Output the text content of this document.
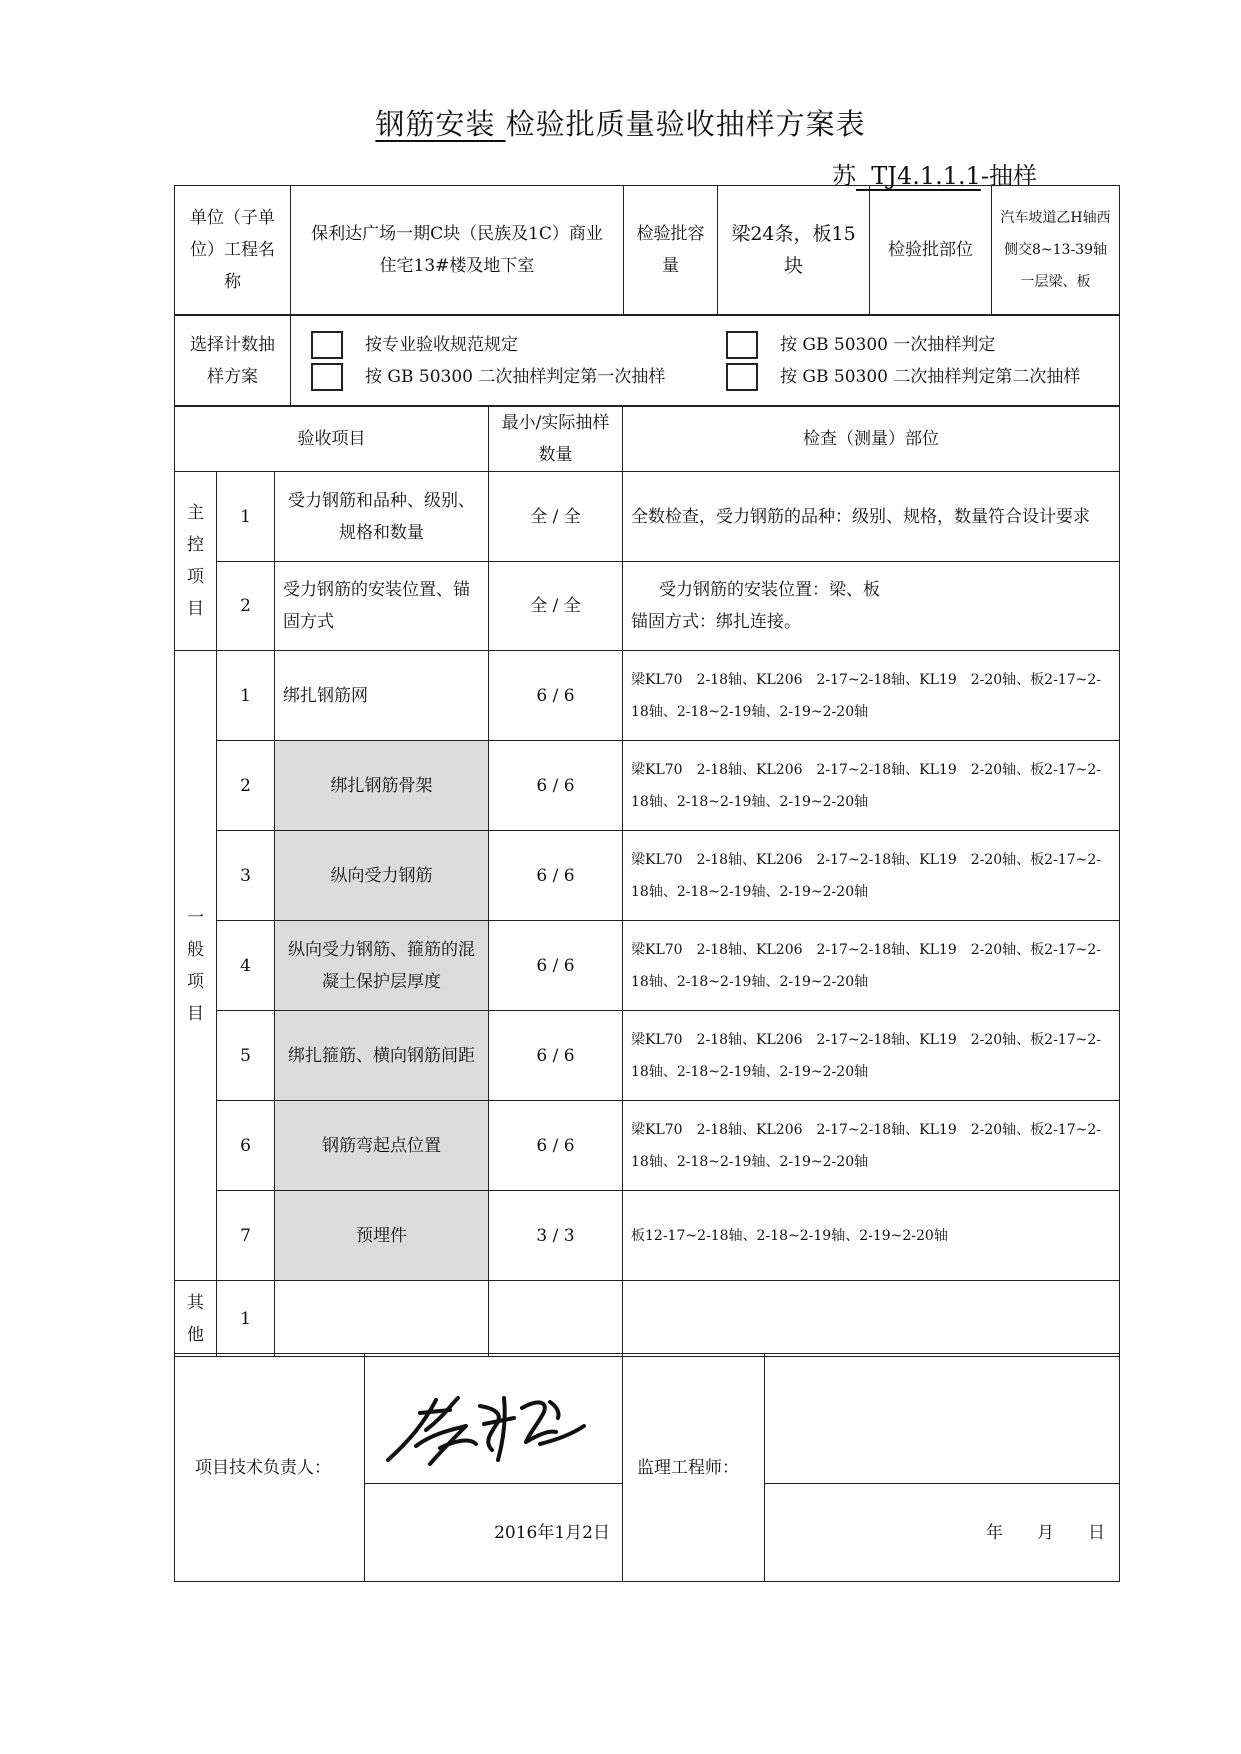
钢筋安装 检验批质量验收抽样方案表
苏  TJ4.1.1.1-抽样
单位（子单位）工程名称	保利达广场一期C块（民族及1C）商业住宅13#楼及地下室	检验批容量	梁24条，板15块	检验批部位	汽车坡道乙H轴西侧交8~13-39轴一层梁、板
选择计数抽样方案	
按专业验收规范规定
按 GB 50300 二次抽样判定第一次抽样
按 GB 50300 一次抽样判定
按 GB 50300 二次抽样判定第二次抽样
验收项目			最小/实际抽样数量	检查（测量）部位
主控项目	1	受力钢筋和品种、级别、规格和数量	全 / 全	全数检查，受力钢筋的品种：级别、规格，数量符合设计要求
	2	受力钢筋的安装位置、锚固方式	全 / 全	受力钢筋的安装位置：梁、板
锚固方式：绑扎连接。

一般项目	1	绑扎钢筋网	6 / 6	梁KL70　2-18轴、KL206　2-17~2-18轴、KL19　2-20轴、板2-17~2-18轴、2-18~2-19轴、2-19~2-20轴
	2	绑扎钢筋骨架	6 / 6	梁KL70　2-18轴、KL206　2-17~2-18轴、KL19　2-20轴、板2-17~2-18轴、2-18~2-19轴、2-19~2-20轴
	3	纵向受力钢筋	6 / 6	梁KL70　2-18轴、KL206　2-17~2-18轴、KL19　2-20轴、板2-17~2-18轴、2-18~2-19轴、2-19~2-20轴
	4	纵向受力钢筋、箍筋的混凝土保护层厚度	6 / 6	梁KL70　2-18轴、KL206　2-17~2-18轴、KL19　2-20轴、板2-17~2-18轴、2-18~2-19轴、2-19~2-20轴
	5	绑扎箍筋、横向钢筋间距	6 / 6	梁KL70　2-18轴、KL206　2-17~2-18轴、KL19　2-20轴、板2-17~2-18轴、2-18~2-19轴、2-19~2-20轴
	6	钢筋弯起点位置	6 / 6	梁KL70　2-18轴、KL206　2-17~2-18轴、KL19　2-20轴、板2-17~2-18轴、2-18~2-19轴、2-19~2-20轴
	7	预埋件	3 / 3	板12-17~2-18轴、2-18~2-19轴、2-19~2-20轴
其他	1			
项目技术负责人：		监理工程师：	
	2016年1月2日		年　　月　　日
